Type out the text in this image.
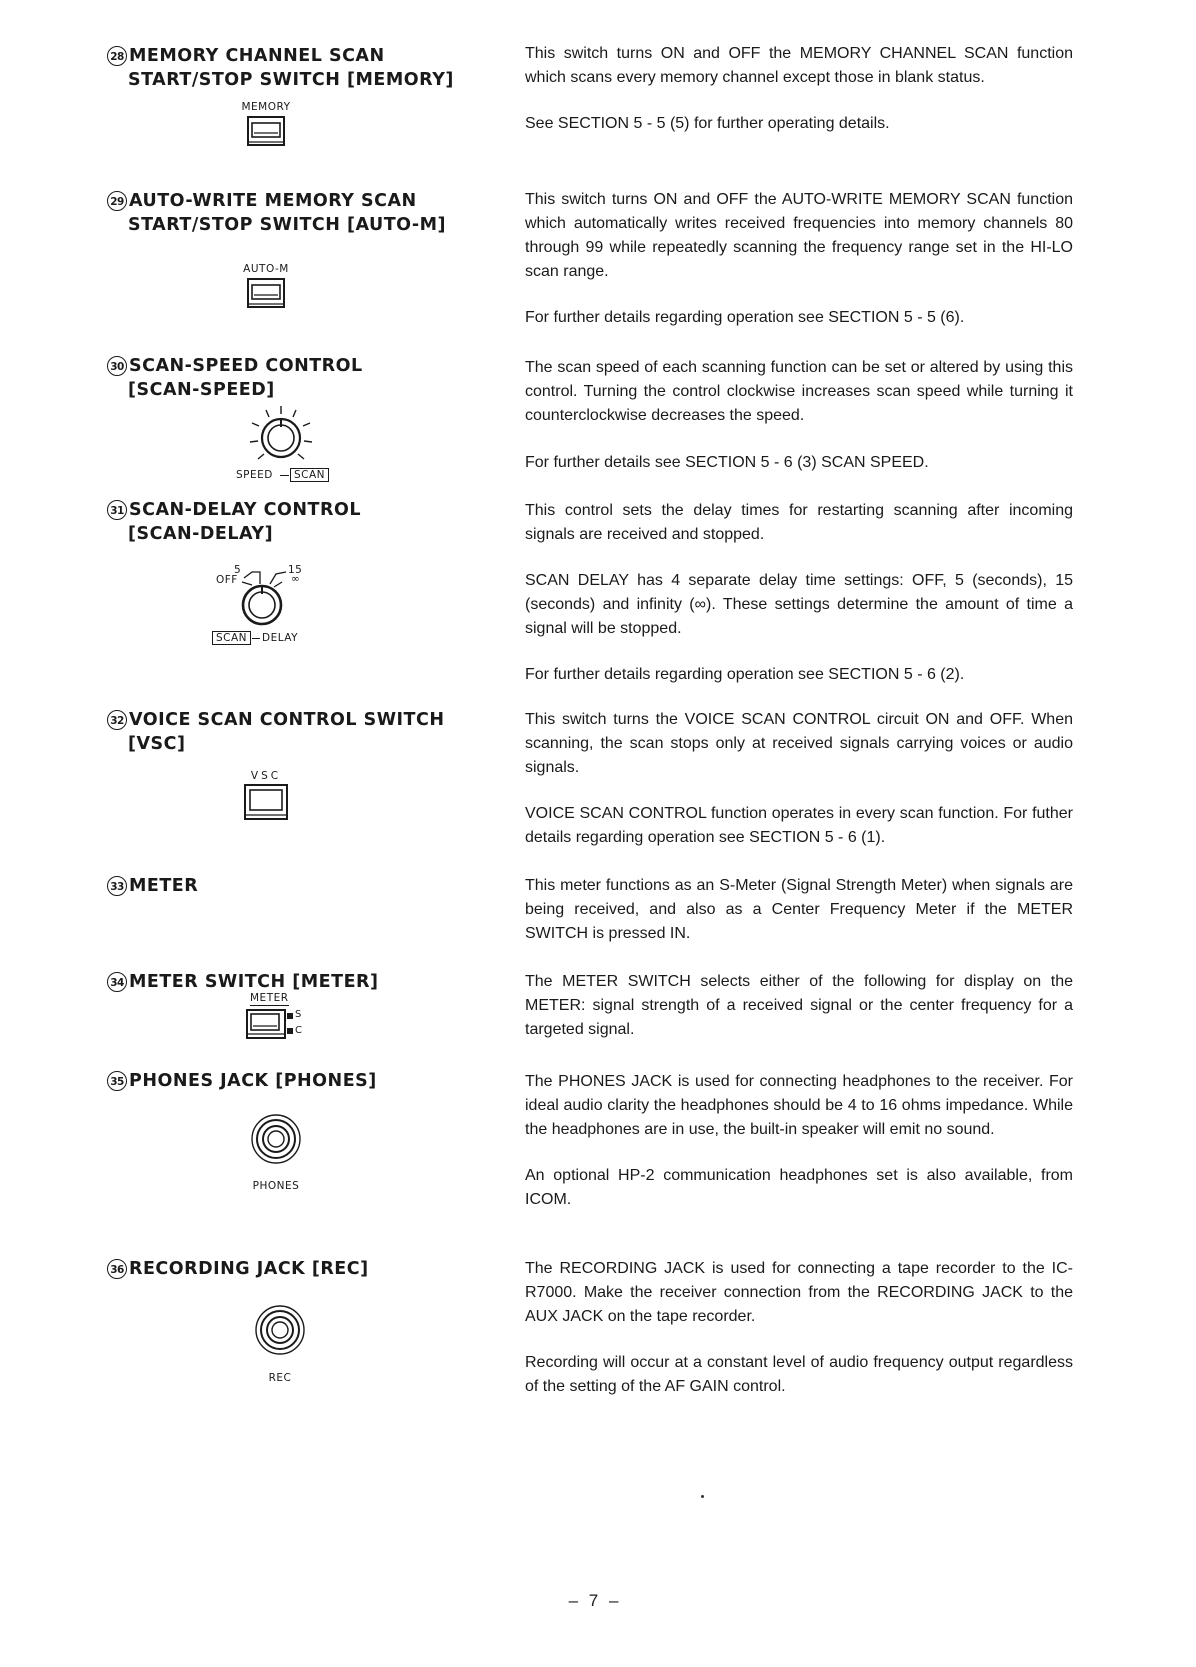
28 MEMORY CHANNEL SCAN
START/STOP SWITCH [MEMORY]
MEMORY

This switch turns ON and OFF the MEMORY CHANNEL SCAN function which scans every memory channel except those in blank status.

See SECTION 5 - 5 (5) for further operating details.

29 AUTO-WRITE MEMORY SCAN
START/STOP SWITCH [AUTO-M]
AUTO-M

This switch turns ON and OFF the AUTO-WRITE MEMORY SCAN function which automatically writes received frequencies into memory channels 80 through 99 while repeatedly scanning the frequency range set in the HI-LO scan range.

For further details regarding operation see SECTION 5 - 5 (6).

30 SCAN-SPEED CONTROL
[SCAN-SPEED]
SPEED	SCAN

The scan speed of each scanning function can be set or altered by using this control. Turning the control clockwise increases scan speed while turning it counterclockwise decreases the speed.

For further details see SECTION 5 - 6 (3) SCAN SPEED.

31 SCAN-DELAY CONTROL
[SCAN-DELAY]
OFF
5	15
∞
SCAN	DELAY

This control sets the delay times for restarting scanning after incoming signals are received and stopped.

SCAN DELAY has 4 separate delay time settings: OFF, 5 (seconds), 15 (seconds) and infinity (∞). These settings determine the amount of time a signal will be stopped.

For further details regarding operation see SECTION 5 - 6 (2).

32 VOICE SCAN CONTROL SWITCH
[VSC]
VSC

This switch turns the VOICE SCAN CONTROL circuit ON and OFF. When scanning, the scan stops only at received signals carrying voices or audio signals.

VOICE SCAN CONTROL function operates in every scan function. For futher details regarding operation see SECTION 5 - 6 (1).

33 METER	This meter functions as an S-Meter (Signal Strength Meter) when signals are being received, and also as a Center Frequency Meter if the METER SWITCH is pressed IN.

34 METER SWITCH [METER]
METER
S
C

The METER SWITCH selects either of the following for display on the METER: signal strength of a received signal or the center frequency for a targeted signal.

35 PHONES JACK [PHONES]
PHONES

The PHONES JACK is used for connecting headphones to the receiver. For ideal audio clarity the headphones should be 4 to 16 ohms impedance. While the headphones are in use, the built-in speaker will emit no sound.

An optional HP-2 communication headphones set is also available, from ICOM.

36 RECORDING JACK [REC]
REC

The RECORDING JACK is used for connecting a tape recorder to the IC-R7000. Make the receiver connection from the RECORDING JACK to the AUX JACK on the tape recorder.

Recording will occur at a constant level of audio frequency output regardless of the setting of the AF GAIN control.

– 7 –
